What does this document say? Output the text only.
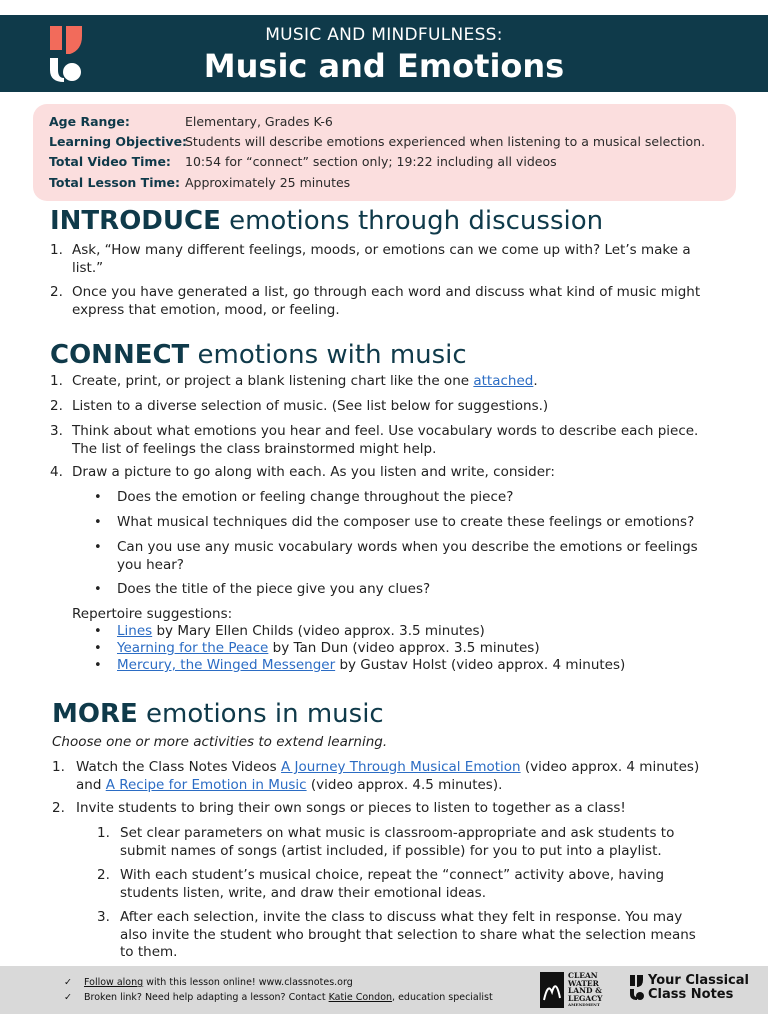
MUSIC AND MINDFULNESS:
Music and Emotions
Age Range:	Elementary, Grades K-6
Learning Objective:
Students will describe emotions experienced when listening to a musical selection.
Total Video Time: 10:54 for “connect” section only; 19:22 including all videos
Total Lesson Time: Approximately 25 minutes
INTRODUCE emotions through discussion
1. Ask, “How many different feelings, moods, or emotions can we come up with? Let’s make a
list.”
2. Once you have generated a list, go through each word and discuss what kind of music might
express that emotion, mood, or feeling.
CONNECT emotions with music
1. Create, print, or project a blank listening chart like the one attached.
2. Listen to a diverse selection of music. (See list below for suggestions.)
3. Think about what emotions you hear and feel. Use vocabulary words to describe each piece.
The list of feelings the class brainstormed might help.
4. Draw a picture to go along with each. As you listen and write, consider:
• Does the emotion or feeling change throughout the piece?
• What musical techniques did the composer use to create these feelings or emotions?
• Can you use any music vocabulary words when you describe the emotions or feelings
you hear?
• Does the title of the piece give you any clues?
Repertoire suggestions:
• Lines by Mary Ellen Childs (video approx. 3.5 minutes)
• Yearning for the Peace by Tan Dun (video approx. 3.5 minutes)
• Mercury, the Winged Messenger by Gustav Holst (video approx. 4 minutes)
MORE emotions in music
Choose one or more activities to extend learning.
1. Watch the Class Notes Videos A Journey Through Musical Emotion (video approx. 4 minutes)
and A Recipe for Emotion in Music (video approx. 4.5 minutes).
2. Invite students to bring their own songs or pieces to listen to together as a class!
1. Set clear parameters on what music is classroom-appropriate and ask students to
submit names of songs (artist included, if possible) for you to put into a playlist.
2. With each student’s musical choice, repeat the “connect” activity above, having
students listen, write, and draw their emotional ideas.
3. After each selection, invite the class to discuss what they felt in response. You may
also invite the student who brought that selection to share what the selection means
to them.
✓ Follow along with this lesson online! www.classnotes.org
✓ Broken link? Need help adapting a lesson? Contact Katie Condon, education specialist
CLEAN
WATER
LAND &
LEGACY
AMENDMENT
Your Classical
Class Notes
